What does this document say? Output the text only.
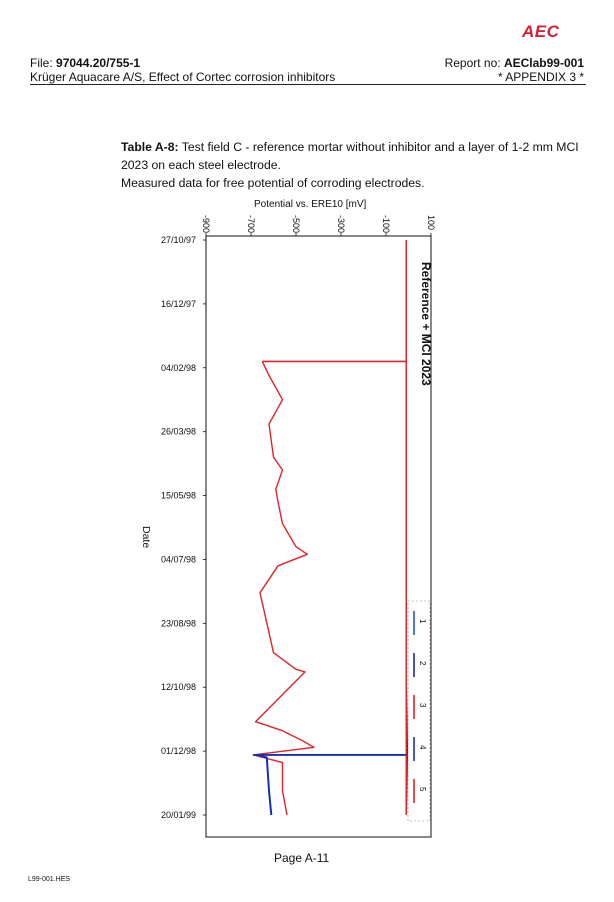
AEC
File: 97044.20/755-1	Report no: AEClab99-001
Krüger Aquacare A/S, Effect of Cortec corrosion inhibitors	* APPENDIX 3 *
Table A-8: Test field C - reference mortar without inhibitor and a layer of 1-2 mm MCI 2023 on each steel electrode.
Measured data for free potential of corroding electrodes.
Potential vs. ERE10 [mV]
-900	-700	-500	-300	-100	100
27/10/97
16/12/97
04/02/98
26/03/98
15/05/98
04/07/98
23/08/98
12/10/98
01/12/98
20/01/99
Reference + MCI 2023
1
2
3
4
5
Date
Page A-11
L99-001.HES
